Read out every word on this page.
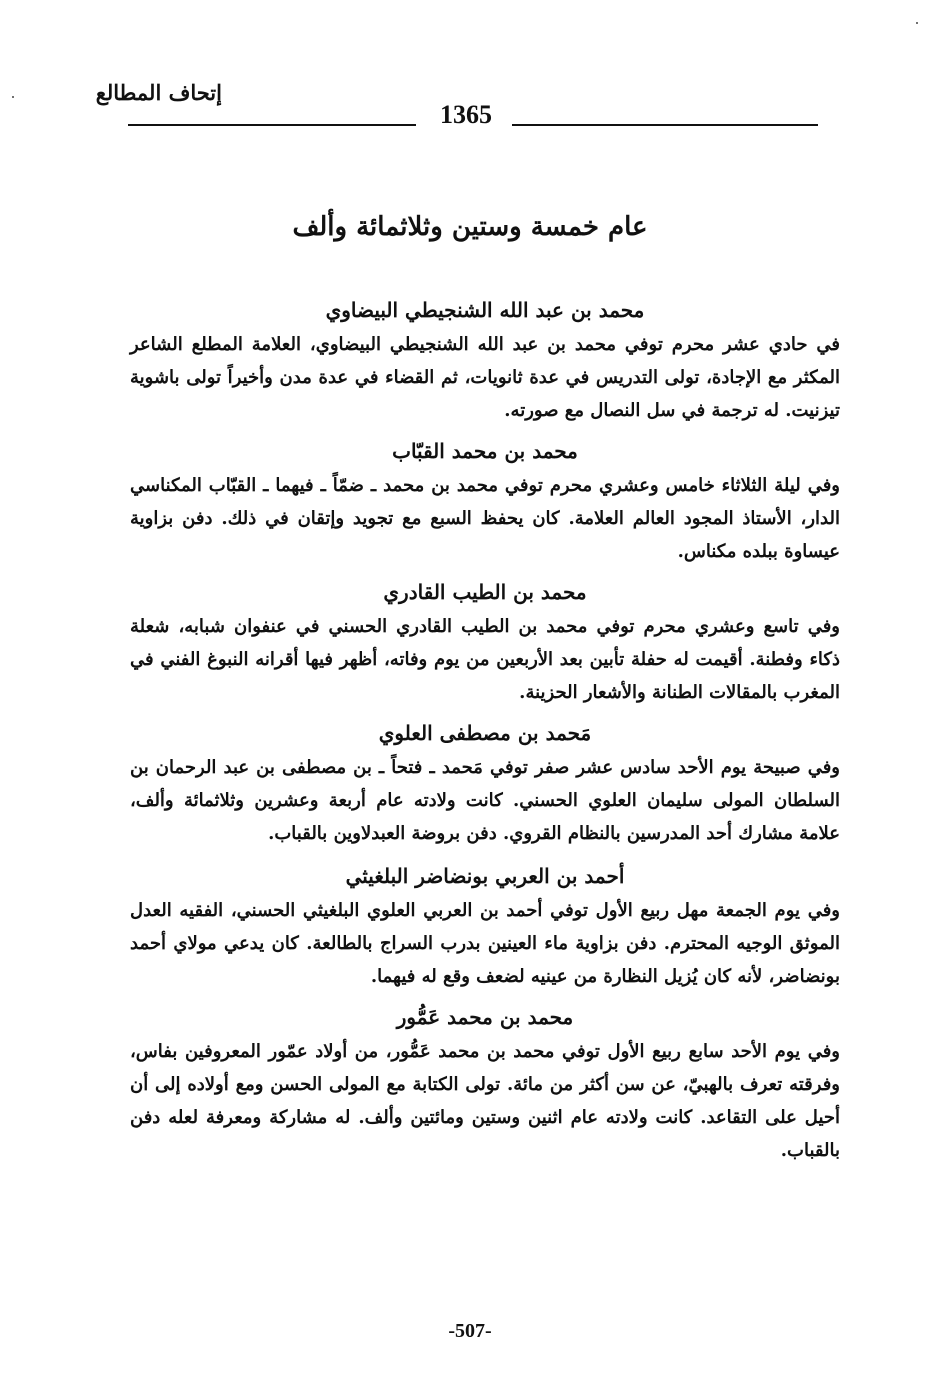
إتحاف المطالع
1365
عام خمسة وستين وثلاثمائة وألف
محمد بن عبد الله الشنجيطي البيضاوي

في حادي عشر محرم توفي محمد بن عبد الله الشنجيطي البيضاوي، العلامة المطلع الشاعر المكثر مع الإجادة، تولى التدريس في عدة ثانويات، ثم القضاء في عدة مدن وأخيراً تولى باشوية تيزنيت. له ترجمة في سل النصال مع صورته.

محمد بن محمد القبّاب

وفي ليلة الثلاثاء خامس وعشري محرم توفي محمد بن محمد ـ ضمّاً ـ فيهما ـ القبّاب المكناسي الدار، الأستاذ المجود العالم العلامة. كان يحفظ السبع مع تجويد وإتقان في ذلك. دفن بزاوية عيساوة ببلده مكناس.

محمد بن الطيب القادري

وفي تاسع وعشري محرم توفي محمد بن الطيب القادري الحسني في عنفوان شبابه، شعلة ذكاء وفطنة. أقيمت له حفلة تأبين بعد الأربعين من يوم وفاته، أظهر فيها أقرانه النبوغ الفني في المغرب بالمقالات الطنانة والأشعار الحزينة.

مَحمد بن مصطفى العلوي

وفي صبيحة يوم الأحد سادس عشر صفر توفي مَحمد ـ فتحاً ـ بن مصطفى بن عبد الرحمان بن السلطان المولى سليمان العلوي الحسني. كانت ولادته عام أربعة وعشرين وثلاثمائة وألف، علامة مشارك أحد المدرسين بالنظام القروي. دفن بروضة العبدلاوين بالقباب.

أحمد بن العربي بونضاضر البلغيثي

وفي يوم الجمعة مهل ربيع الأول توفي أحمد بن العربي العلوي البلغيثي الحسني، الفقيه العدل الموثق الوجيه المحترم. دفن بزاوية ماء العينين بدرب السراج بالطالعة. كان يدعي مولاي أحمد بونضاضر، لأنه كان يُزيل النظارة من عينيه لضعف وقع له فيهما.

محمد بن محمد عَمُّور

وفي يوم الأحد سابع ربيع الأول توفي محمد بن محمد عَمُّور، من أولاد عمّور المعروفين بفاس، وفرقته تعرف بالهبيّ، عن سن أكثر من مائة. تولى الكتابة مع المولى الحسن ومع أولاده إلى أن أحيل على التقاعد. كانت ولادته عام اثنين وستين ومائتين وألف. له مشاركة ومعرفة لعله دفن بالقباب.

-507-
